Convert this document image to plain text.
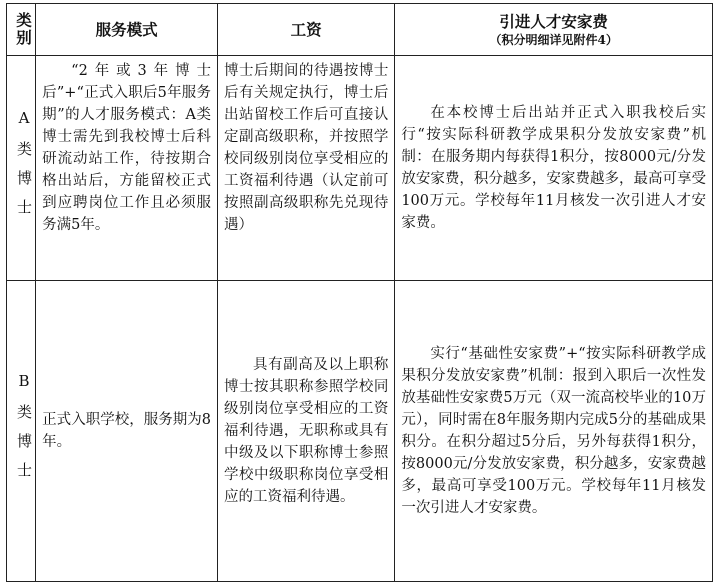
类别	服务模式	工资	引进人才安家费
（积分明细详见附件4）

A类博士	“2年或3年博士后”+“正式入职后5年服务期”的人才服务模式：A类博士需先到我校博士后科研流动站工作，待按期合格出站后，方能留校正式到应聘岗位工作且必须服务满5年。	博士后期间的待遇按博士后有关规定执行，博士后出站留校工作后可直接认定副高级职称，并按照学校同级别岗位享受相应的工资福利待遇（认定前可按照副高级职称先兑现待遇）	在本校博士后出站并正式入职我校后实行“按实际科研教学成果积分发放安家费”机制：在服务期内每获得1积分，按8000元/分发放安家费，积分越多，安家费越多，最高可享受100万元。学校每年11月核发一次引进人才安家费。

B类博士	正式入职学校，服务期为8年。	具有副高及以上职称博士按其职称参照学校同级别岗位享受相应的工资福利待遇，无职称或具有中级及以下职称博士参照学校中级职称岗位享受相应的工资福利待遇。	实行“基础性安家费”+“按实际科研教学成果积分发放安家费”机制：报到入职后一次性发放基础性安家费5万元（双一流高校毕业的10万元），同时需在8年服务期内完成5分的基础成果积分。在积分超过5分后，另外每获得1积分，按8000元/分发放安家费，积分越多，安家费越多，最高可享受100万元。学校每年11月核发一次引进人才安家费。
